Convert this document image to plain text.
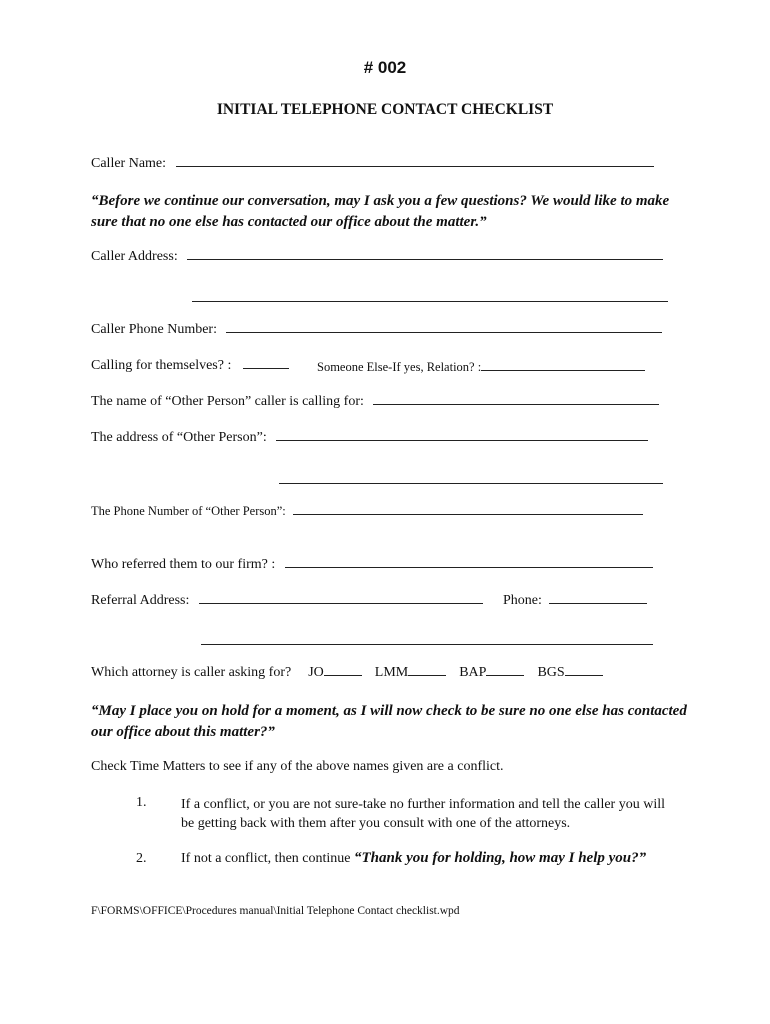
# 002
INITIAL TELEPHONE CONTACT CHECKLIST
Caller Name:
“Before we continue our conversation, may I ask you a few questions? We would like to make sure that no one else has contacted our office about the matter.”
Caller Address:
Caller Phone Number:
Calling for themselves? :	Someone Else-If yes, Relation? :
The name of “Other Person” caller is calling for:
The address of “Other Person”:
The Phone Number of “Other Person”:
Who referred them to our firm? :
Referral Address:	Phone:
Which attorney is caller asking for? JO	LMM	BAP	BGS
“May I place you on hold for a moment, as I will now check to be sure no one else has contacted our office about this matter?”
Check Time Matters to see if any of the above names given are a conflict.
1. If a conflict, or you are not sure-take no further information and tell the caller you will be getting back with them after you consult with one of the attorneys.
2. If not a conflict, then continue “Thank you for holding, how may I help you?”
F\FORMS\OFFICE\Procedures manual\Initial Telephone Contact checklist.wpd
